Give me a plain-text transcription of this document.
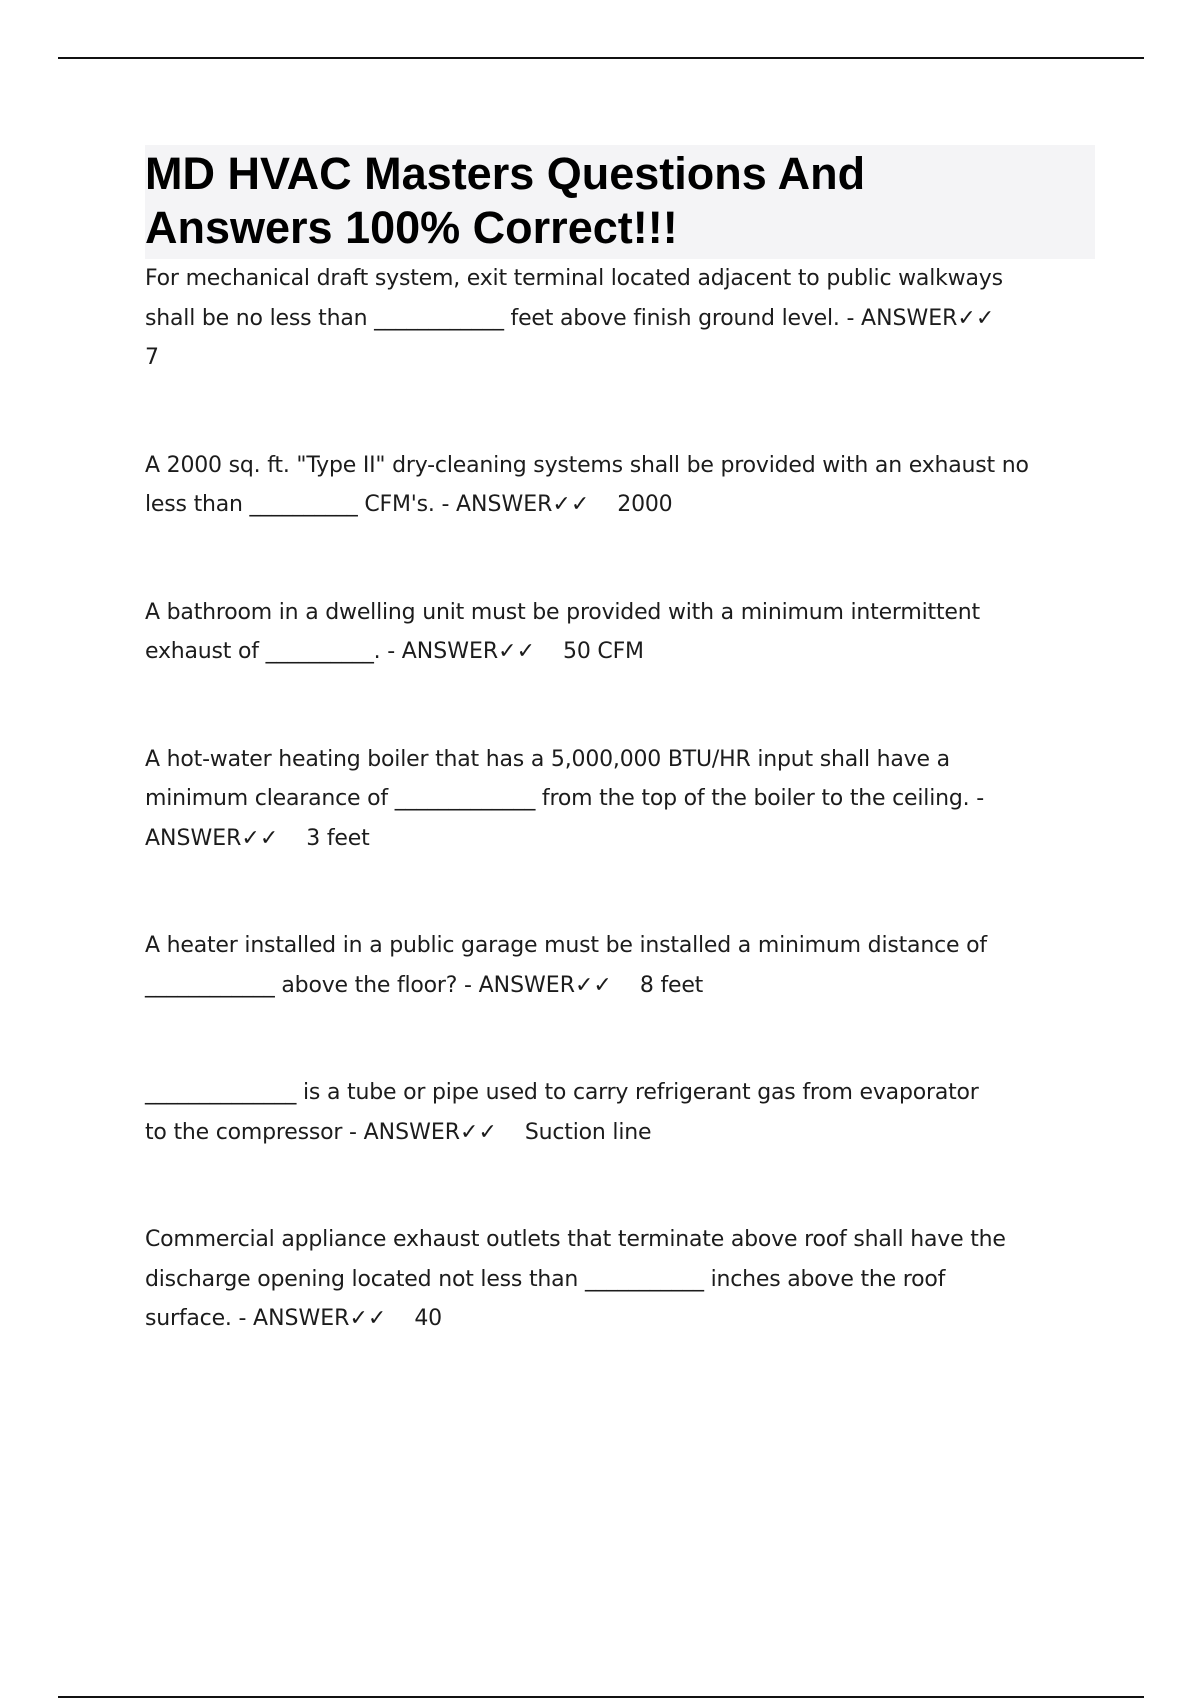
MD HVAC Masters Questions And
Answers 100% Correct!!!
For mechanical draft system, exit terminal located adjacent to public walkways
shall be no less than ____________ feet above finish ground level. - ANSWER✓✓
7
A 2000 sq. ft. "Type II" dry-cleaning systems shall be provided with an exhaust no
less than __________ CFM's. - ANSWER✓✓ 2000
A bathroom in a dwelling unit must be provided with a minimum intermittent
exhaust of __________. - ANSWER✓✓ 50 CFM
A hot-water heating boiler that has a 5,000,000 BTU/HR input shall have a
minimum clearance of _____________ from the top of the boiler to the ceiling. -
ANSWER✓✓ 3 feet
A heater installed in a public garage must be installed a minimum distance of
____________ above the floor? - ANSWER✓✓ 8 feet
______________ is a tube or pipe used to carry refrigerant gas from evaporator
to the compressor - ANSWER✓✓ Suction line
Commercial appliance exhaust outlets that terminate above roof shall have the
discharge opening located not less than ___________ inches above the roof
surface. - ANSWER✓✓ 40
